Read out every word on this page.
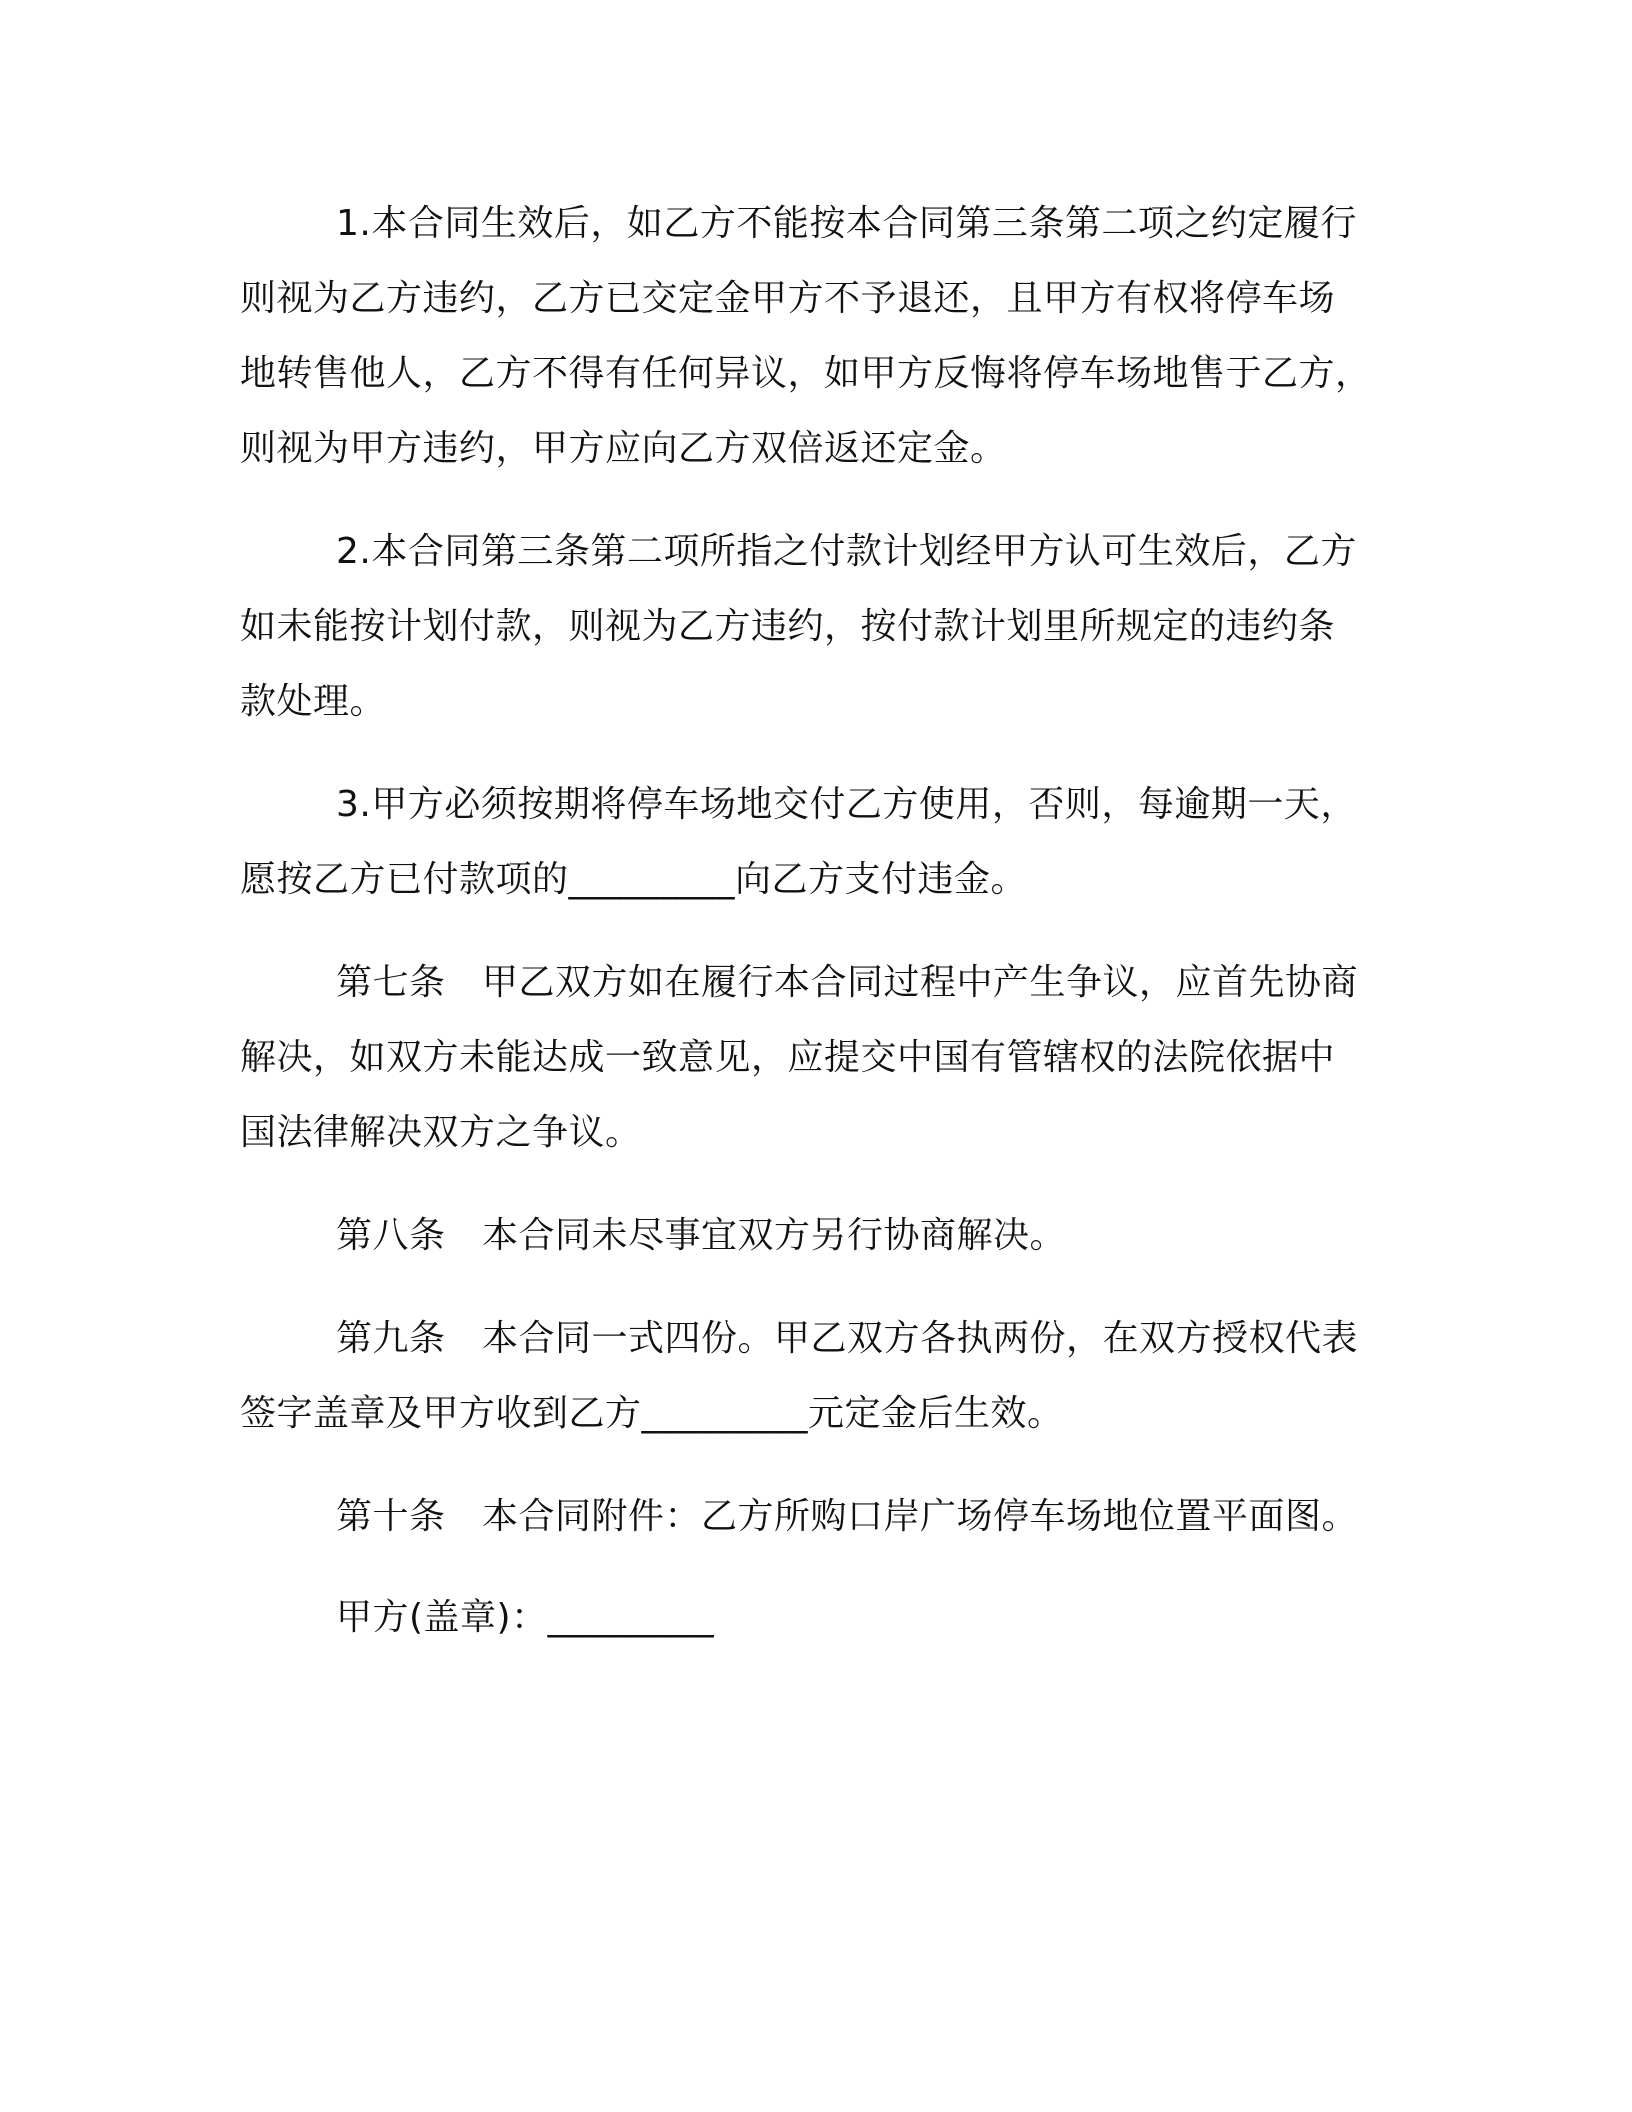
1.本合同生效后，如乙方不能按本合同第三条第二项之约定履行
则视为乙方违约，乙方已交定金甲方不予退还，且甲方有权将停车场
地转售他人，乙方不得有任何异议，如甲方反悔将停车场地售于乙方，
则视为甲方违约，甲方应向乙方双倍返还定金。

2.本合同第三条第二项所指之付款计划经甲方认可生效后，乙方
如未能按计划付款，则视为乙方违约，按付款计划里所规定的违约条
款处理。

3.甲方必须按期将停车场地交付乙方使用，否则，每逾期一天，
愿按乙方已付款项的_________向乙方支付违金。

第七条　甲乙双方如在履行本合同过程中产生争议，应首先协商
解决，如双方未能达成一致意见，应提交中国有管辖权的法院依据中
国法律解决双方之争议。

第八条　本合同未尽事宜双方另行协商解决。

第九条　本合同一式四份。甲乙双方各执两份，在双方授权代表
签字盖章及甲方收到乙方_________元定金后生效。

第十条　本合同附件：乙方所购口岸广场停车场地位置平面图。

甲方(盖章)：_________
